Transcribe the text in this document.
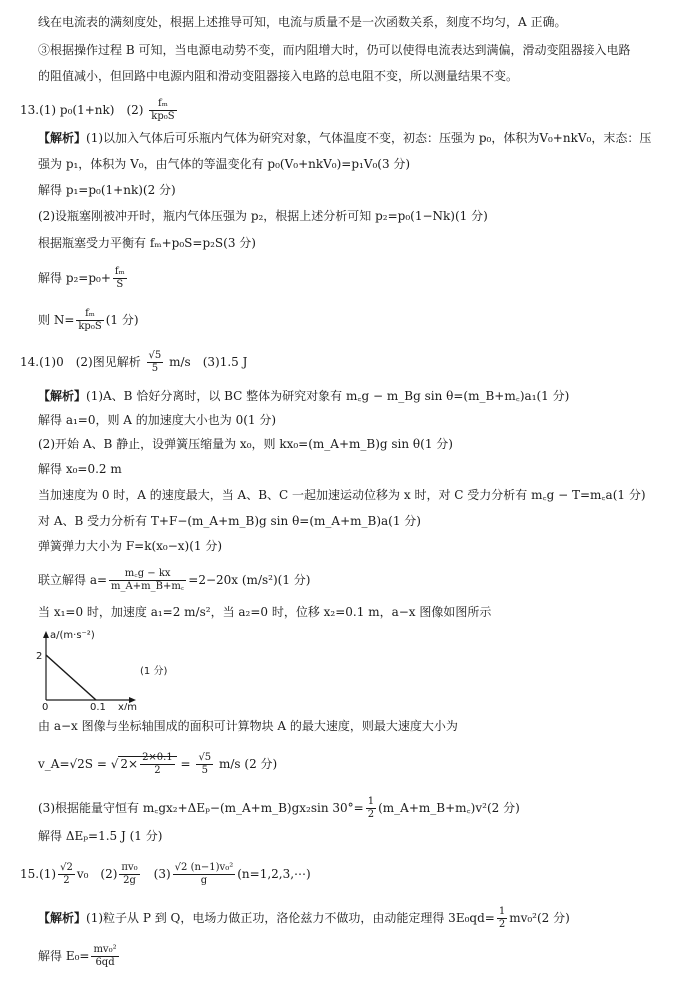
线在电流表的满刻度处，根据上述推导可知，电流与质量不是一次函数关系，刻度不均匀，A 正确。
③根据操作过程 B 可知，当电源电动势不变，而内阻增大时，仍可以使得电流表达到满偏，滑动变阻器接入电路
的阻值减小，但回路中电源内阻和滑动变阻器接入电路的总电阻不变，所以测量结果不变。
13.(1) p₀(1+nk)　$(2) \frac{\text{fₘ}}{\text{kp₀S}}$
【解析】(1)以加入气体后可乐瓶内气体为研究对象，气体温度不变，初态：压强为 p₀，体积为V₀+nkV₀，末态：压
强为 p₁，体积为 V₀，由气体的等温变化有 p₀(V₀+nkV₀)=p₁V₀(3 分)
解得 p₁=p₀(1+nk)(2 分)
(2)设瓶塞刚被冲开时，瓶内气体压强为 p₂，根据上述分析可知 p₂=p₀(1−Nk)(1 分)
根据瓶塞受力平衡有 fₘ+p₀S=p₂S(3 分)
解得 $p_2=p_0+ \frac{\text{fₘ}}{S}$
则 $N= \frac{\text{fₘ}}{\text{kp₀S}} (1$ 分)
14.(1)0　(2)图见解析 $\frac{√5}{5} m/s$　(3)1.5 J
【解析】(1)A、B 恰好分离时，以 BC 整体为研究对象有 m꜀g − m_Bg sin θ=(m_B+m꜀)a₁(1 分)
解得 a₁=0，则 A 的加速度大小也为 0(1 分)
(2)开始 A、B 静止，设弹簧压缩量为 x₀，则 kx₀=(m_A+m_B)g sin θ(1 分)
解得 x₀=0.2 m
当加速度为 0 时，A 的速度最大，当 A、B、C 一起加速运动位移为 x 时，对 C 受力分析有 m꜀g − T=m꜀a(1 分)
对 A、B 受力分析有 T+F−(m_A+m_B)g sin θ=(m_A+m_B)a(1 分)
弹簧弹力大小为 F=k(x₀−x)(1 分)
联立解得 $a= \frac{m꜀g - kx}{m\_A+m\_B+m꜀} =2-20x$ (m/s²)(1 分)
当 x₁=0 时，加速度 a₁=2 m/s²，当 a₂=0 时，位移 x₂=0.1 m，a−x 图像如图所示
a/(m·s⁻²)
2
0	0.1 x/m
(1 分)
由 a−x 图像与坐标轴围成的面积可计算物块 A 的最大速度，则最大速度大小为
v_A=√2S = √ $2\times \frac{2\times 0.1}{2} = \frac{√5}{5} m/s$ (2 分)
(3)根据能量守恒有 m꜀gx₂+ΔEₚ−(m_A+m_B)gx₂sin $30^\circ= \frac{1}{2}$ (m_A+m_B+m꜀)v²(2 分)
解得 ΔEₚ=1.5 J (1 分)
$15.(1) \frac{√2}{2} v_0$　$(2) \frac{\text{πv₀}}{2g}$ 　$(3) \frac{\text{√2 (n−1)v₀²}}{g}$ (n=1,2,3,⋯)
【解析】(1)粒子从 P 到 Q，电场力做正功，洛伦兹力不做功，由动能定理得 $3E_0qd= \frac{1}{2} mv_0^2(2$ 分)
解得 $E_0= \frac{\text{mv₀²}}{6qd}$
